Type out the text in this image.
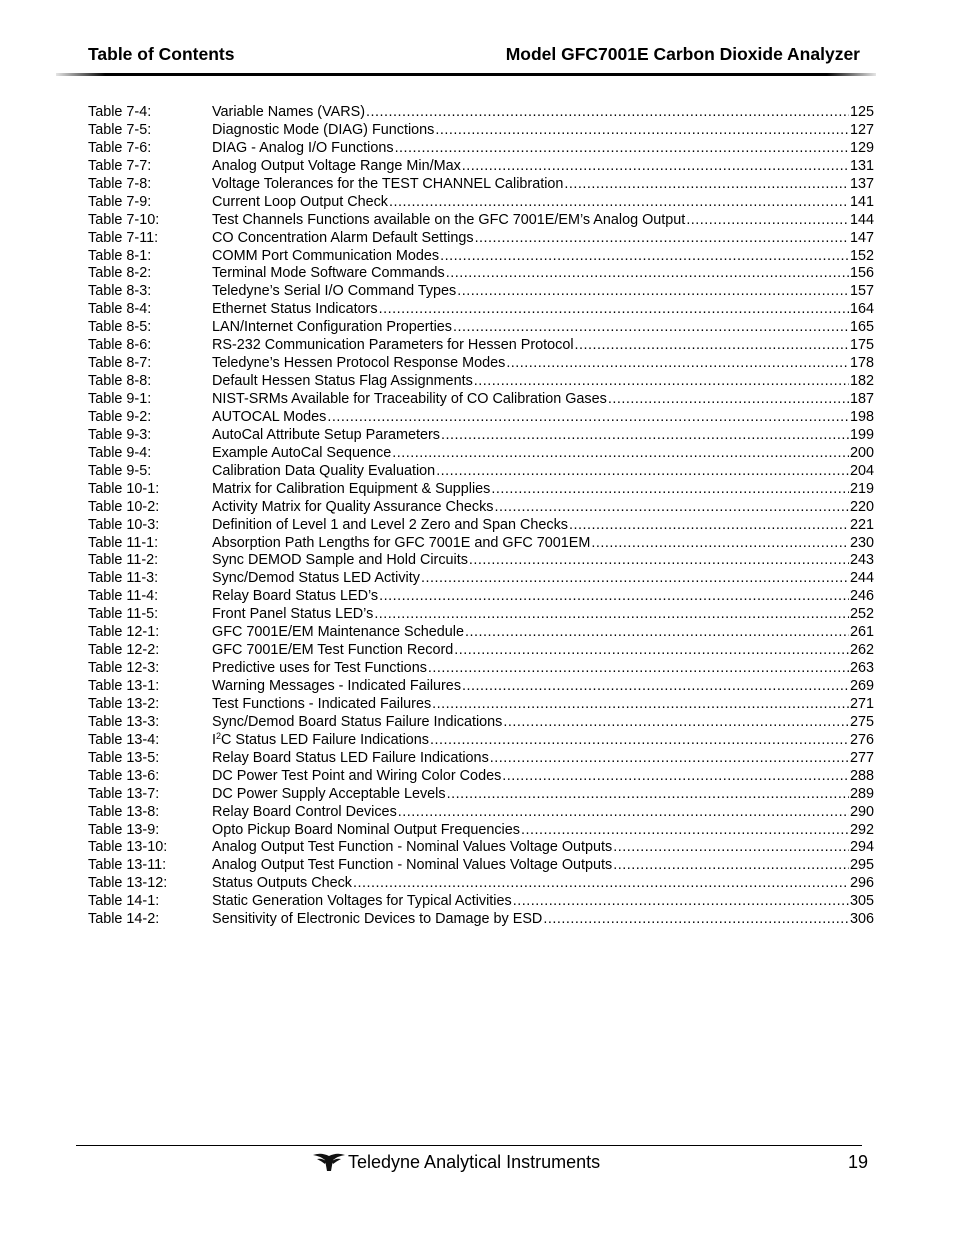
Table of Contents	Model GFC7001E Carbon Dioxide Analyzer
Table 7-4:	Variable Names (VARS) .....	125
Table 7-5:	Diagnostic Mode (DIAG) Functions .....	127
Table 7-6:	DIAG - Analog I/O Functions .....	129
Table 7-7:	Analog Output Voltage Range Min/Max .....	131
Table 7-8:	Voltage Tolerances for the TEST CHANNEL Calibration .....	137
Table 7-9:	Current Loop Output Check .....	141
Table 7-10:	Test Channels Functions available on the GFC 7001E/EM’s Analog Output .....	144
Table 7-11:	CO Concentration Alarm Default Settings .....	147
Table 8-1:	COMM Port Communication Modes .....	152
Table 8-2:	Terminal Mode Software Commands .....	156
Table 8-3:	Teledyne’s Serial I/O Command Types .....	157
Table 8-4:	Ethernet Status Indicators .....	164
Table 8-5:	LAN/Internet Configuration Properties .....	165
Table 8-6:	RS-232 Communication Parameters for Hessen Protocol .....	175
Table 8-7:	Teledyne’s Hessen Protocol Response Modes .....	178
Table 8-8:	Default Hessen Status Flag Assignments .....	182
Table 9-1:	NIST-SRMs Available for Traceability of CO Calibration Gases .....	187
Table 9-2:	AUTOCAL Modes .....	198
Table 9-3:	AutoCal Attribute Setup Parameters .....	199
Table 9-4:	Example AutoCal Sequence .....	200
Table 9-5:	Calibration Data Quality Evaluation .....	204
Table 10-1:	Matrix for Calibration Equipment & Supplies .....	219
Table 10-2:	Activity Matrix for Quality Assurance Checks .....	220
Table 10-3:	Definition of Level 1 and Level 2 Zero and Span Checks .....	221
Table 11-1:	Absorption Path Lengths for GFC 7001E and GFC 7001EM .....	230
Table 11-2:	Sync DEMOD Sample and Hold Circuits .....	243
Table 11-3:	Sync/Demod Status LED Activity .....	244
Table 11-4:	Relay Board Status LED’s .....	246
Table 11-5:	Front Panel Status LED’s .....	252
Table 12-1:	GFC 7001E/EM Maintenance Schedule .....	261
Table 12-2:	GFC 7001E/EM Test Function Record .....	262
Table 12-3:	Predictive uses for Test Functions .....	263
Table 13-1:	Warning Messages - Indicated Failures .....	269
Table 13-2:	Test Functions - Indicated Failures .....	271
Table 13-3:	Sync/Demod Board Status Failure Indications .....	275
Table 13-4:	$I^2C$ Status LED Failure Indications .....	276
Table 13-5:	Relay Board Status LED Failure Indications .....	277
Table 13-6:	DC Power Test Point and Wiring Color Codes .....	288
Table 13-7:	DC Power Supply Acceptable Levels .....	289
Table 13-8:	Relay Board Control Devices .....	290
Table 13-9:	Opto Pickup Board Nominal Output Frequencies .....	292
Table 13-10:	Analog Output Test Function - Nominal Values Voltage Outputs .....	294
Table 13-11:	Analog Output Test Function - Nominal Values Voltage Outputs .....	295
Table 13-12:	Status Outputs Check .....	296
Table 14-1:	Static Generation Voltages for Typical Activities .....	305
Table 14-2:	Sensitivity of Electronic Devices to Damage by ESD .....	306
Teledyne Analytical Instruments	19
